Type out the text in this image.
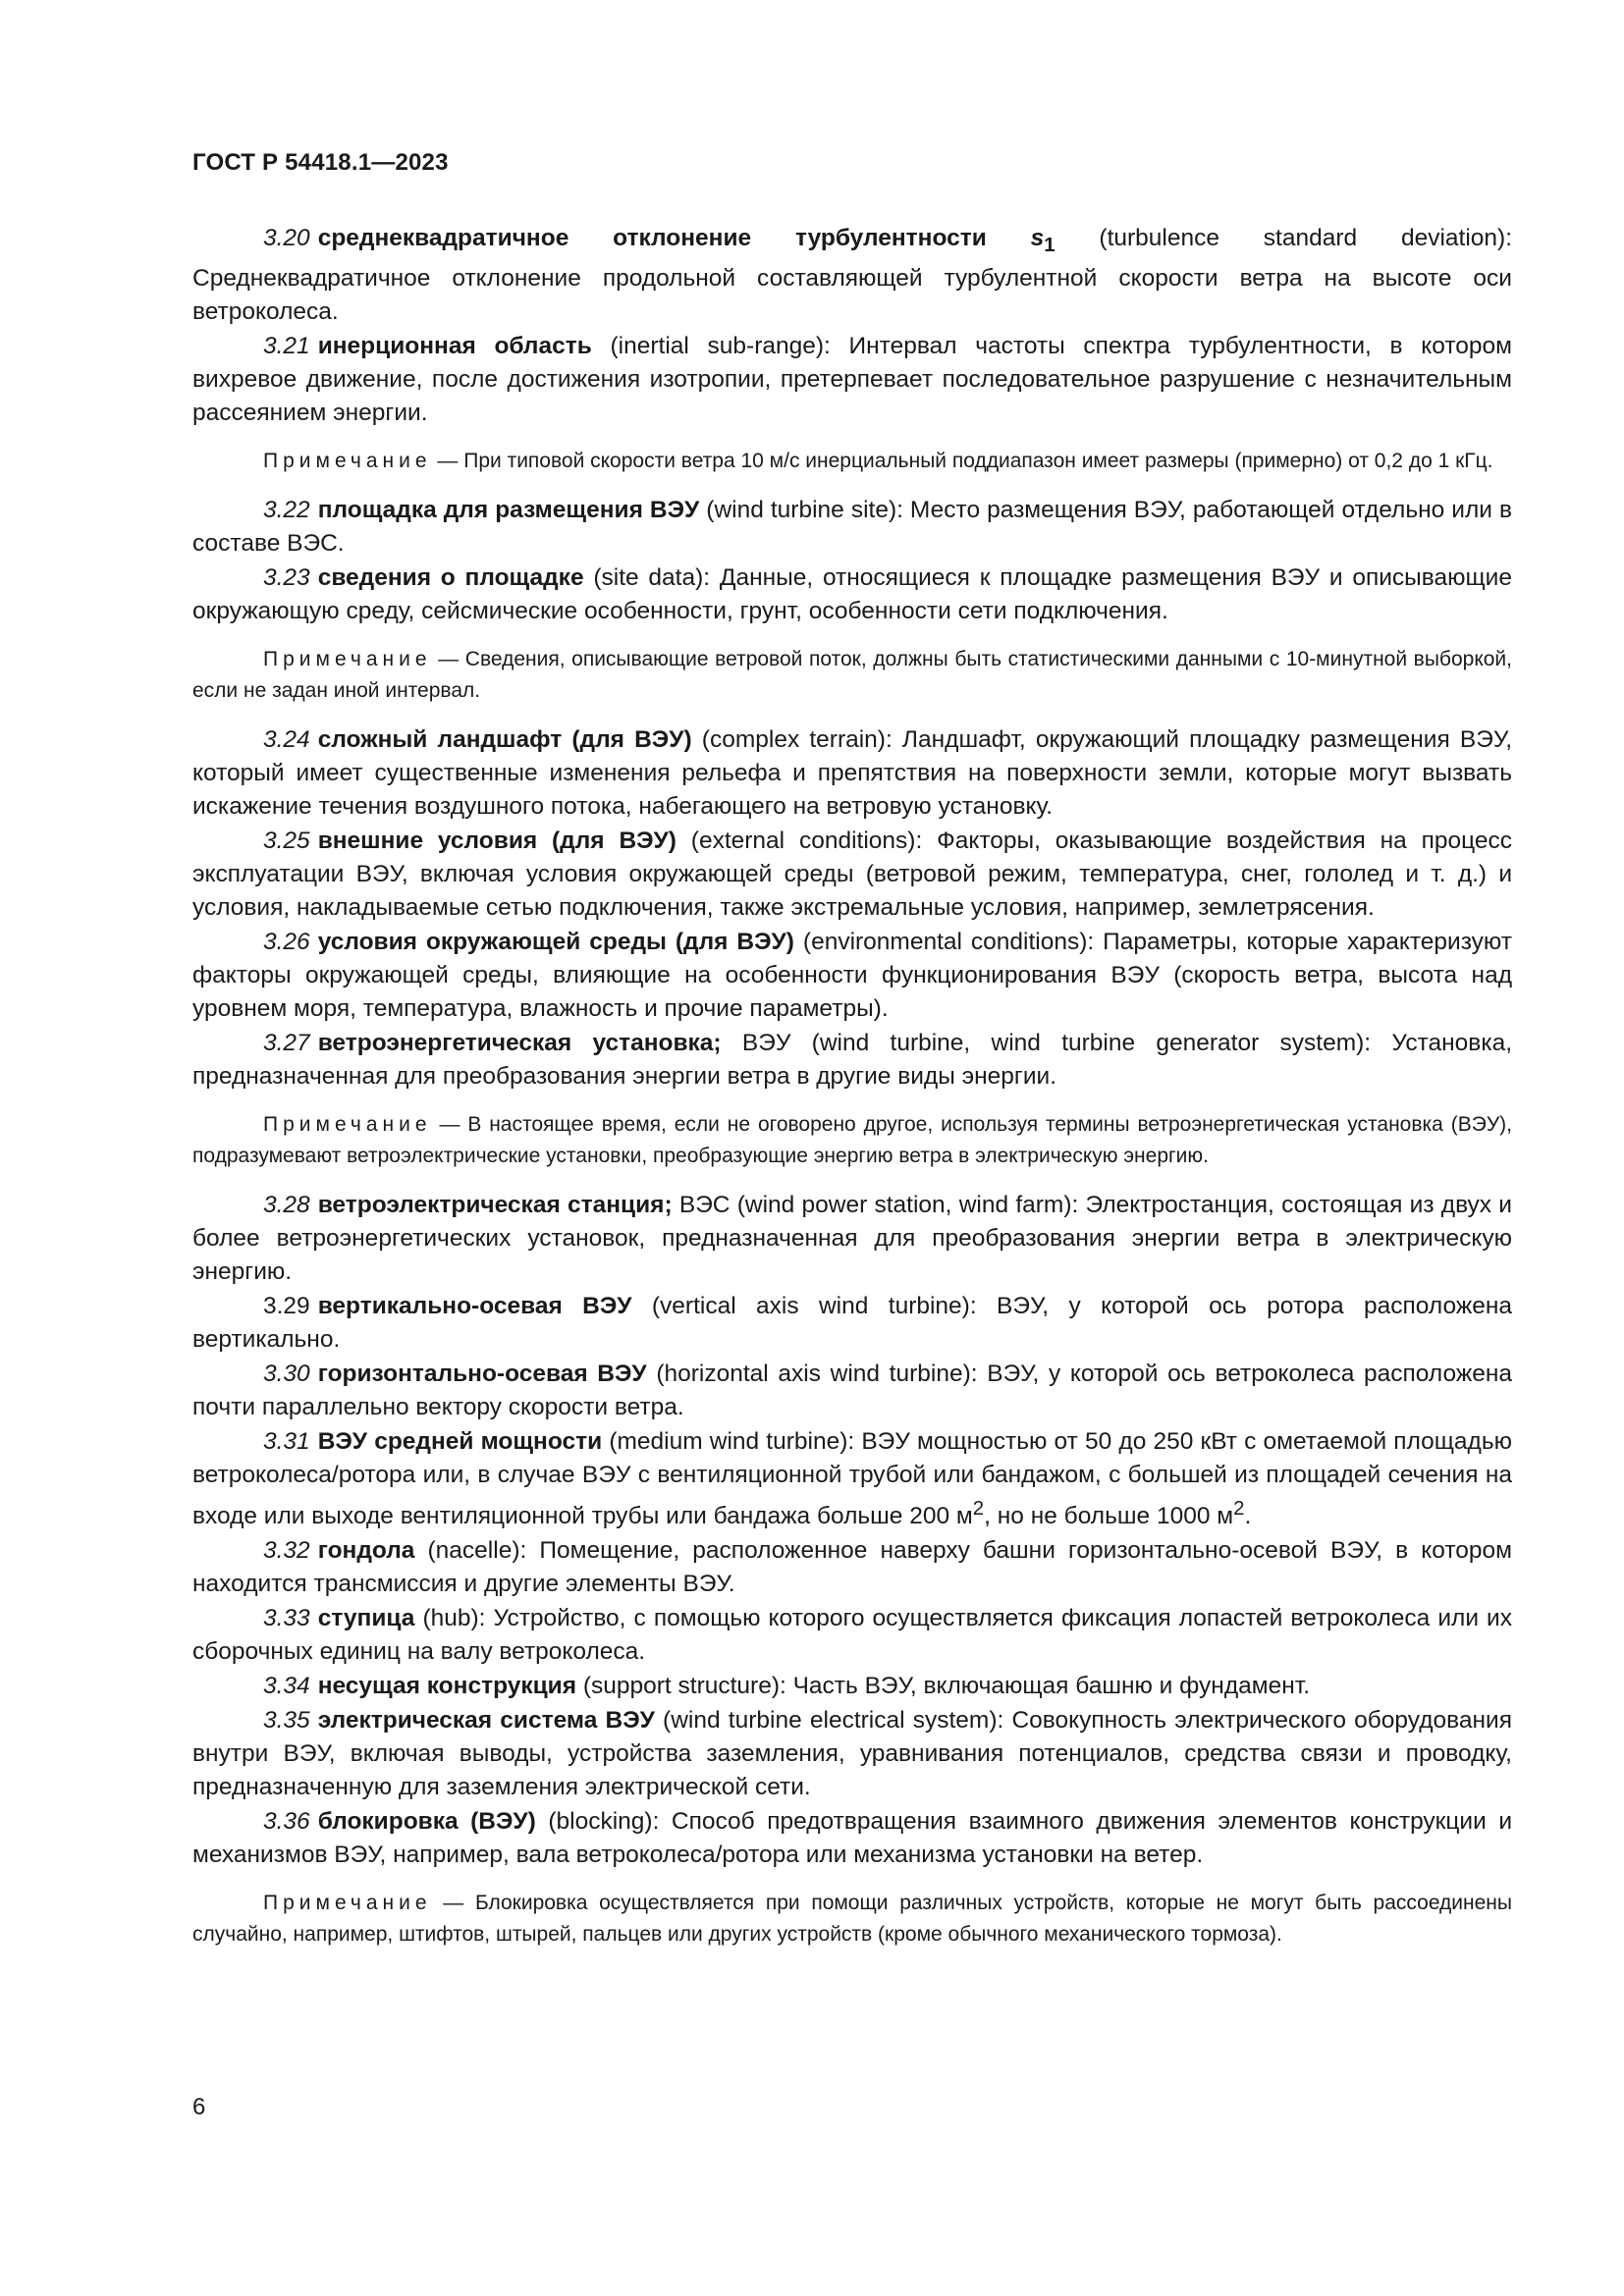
ГОСТ Р 54418.1—2023

3.20 среднеквадратичное отклонение турбулентности $s_1$ (turbulence standard deviation): Среднеквадратичное отклонение продольной составляющей турбулентной скорости ветра на высоте оси ветроколеса.

3.21 инерционная область (inertial sub-range): Интервал частоты спектра турбулентности, в котором вихревое движение, после достижения изотропии, претерпевает последовательное разрушение с незначительным рассеянием энергии.

Примечание — При типовой скорости ветра 10 м/с инерциальный поддиапазон имеет размеры (примерно) от 0,2 до 1 кГц.

3.22 площадка для размещения ВЭУ (wind turbine site): Место размещения ВЭУ, работающей отдельно или в составе ВЭС.

3.23 сведения о площадке (site data): Данные, относящиеся к площадке размещения ВЭУ и описывающие окружающую среду, сейсмические особенности, грунт, особенности сети подключения.

Примечание — Сведения, описывающие ветровой поток, должны быть статистическими данными с 10-минутной выборкой, если не задан иной интервал.

3.24 сложный ландшафт (для ВЭУ) (complex terrain): Ландшафт, окружающий площадку размещения ВЭУ, который имеет существенные изменения рельефа и препятствия на поверхности земли, которые могут вызвать искажение течения воздушного потока, набегающего на ветровую установку.

3.25 внешние условия (для ВЭУ) (external conditions): Факторы, оказывающие воздействия на процесс эксплуатации ВЭУ, включая условия окружающей среды (ветровой режим, температура, снег, гололед и т. д.) и условия, накладываемые сетью подключения, также экстремальные условия, например, землетрясения.

3.26 условия окружающей среды (для ВЭУ) (environmental conditions): Параметры, которые характеризуют факторы окружающей среды, влияющие на особенности функционирования ВЭУ (скорость ветра, высота над уровнем моря, температура, влажность и прочие параметры).

3.27 ветроэнергетическая установка; ВЭУ (wind turbine, wind turbine generator system): Установка, предназначенная для преобразования энергии ветра в другие виды энергии.

Примечание — В настоящее время, если не оговорено другое, используя термины ветроэнергетическая установка (ВЭУ), подразумевают ветроэлектрические установки, преобразующие энергию ветра в электрическую энергию.

3.28 ветроэлектрическая станция; ВЭС (wind power station, wind farm): Электростанция, состоящая из двух и более ветроэнергетических установок, предназначенная для преобразования энергии ветра в электрическую энергию.

3.29 вертикально-осевая ВЭУ (vertical axis wind turbine): ВЭУ, у которой ось ротора расположена вертикально.

3.30 горизонтально-осевая ВЭУ (horizontal axis wind turbine): ВЭУ, у которой ось ветроколеса расположена почти параллельно вектору скорости ветра.

3.31 ВЭУ средней мощности (medium wind turbine): ВЭУ мощностью от 50 до 250 кВт с ометаемой площадью ветроколеса/ротора или, в случае ВЭУ с вентиляционной трубой или бандажом, с большей из площадей сечения на входе или выходе вентиляционной трубы или бандажа больше 200 $м^2$, но не больше 1000 $м^2$.

3.32 гондола (nacelle): Помещение, расположенное наверху башни горизонтально-осевой ВЭУ, в котором находится трансмиссия и другие элементы ВЭУ.

3.33 ступица (hub): Устройство, с помощью которого осуществляется фиксация лопастей ветроколеса или их сборочных единиц на валу ветроколеса.

3.34 несущая конструкция (support structure): Часть ВЭУ, включающая башню и фундамент.

3.35 электрическая система ВЭУ (wind turbine electrical system): Совокупность электрического оборудования внутри ВЭУ, включая выводы, устройства заземления, уравнивания потенциалов, средства связи и проводку, предназначенную для заземления электрической сети.

3.36 блокировка (ВЭУ) (blocking): Способ предотвращения взаимного движения элементов конструкции и механизмов ВЭУ, например, вала ветроколеса/ротора или механизма установки на ветер.

Примечание — Блокировка осуществляется при помощи различных устройств, которые не могут быть рассоединены случайно, например, штифтов, штырей, пальцев или других устройств (кроме обычного механического тормоза).

6
